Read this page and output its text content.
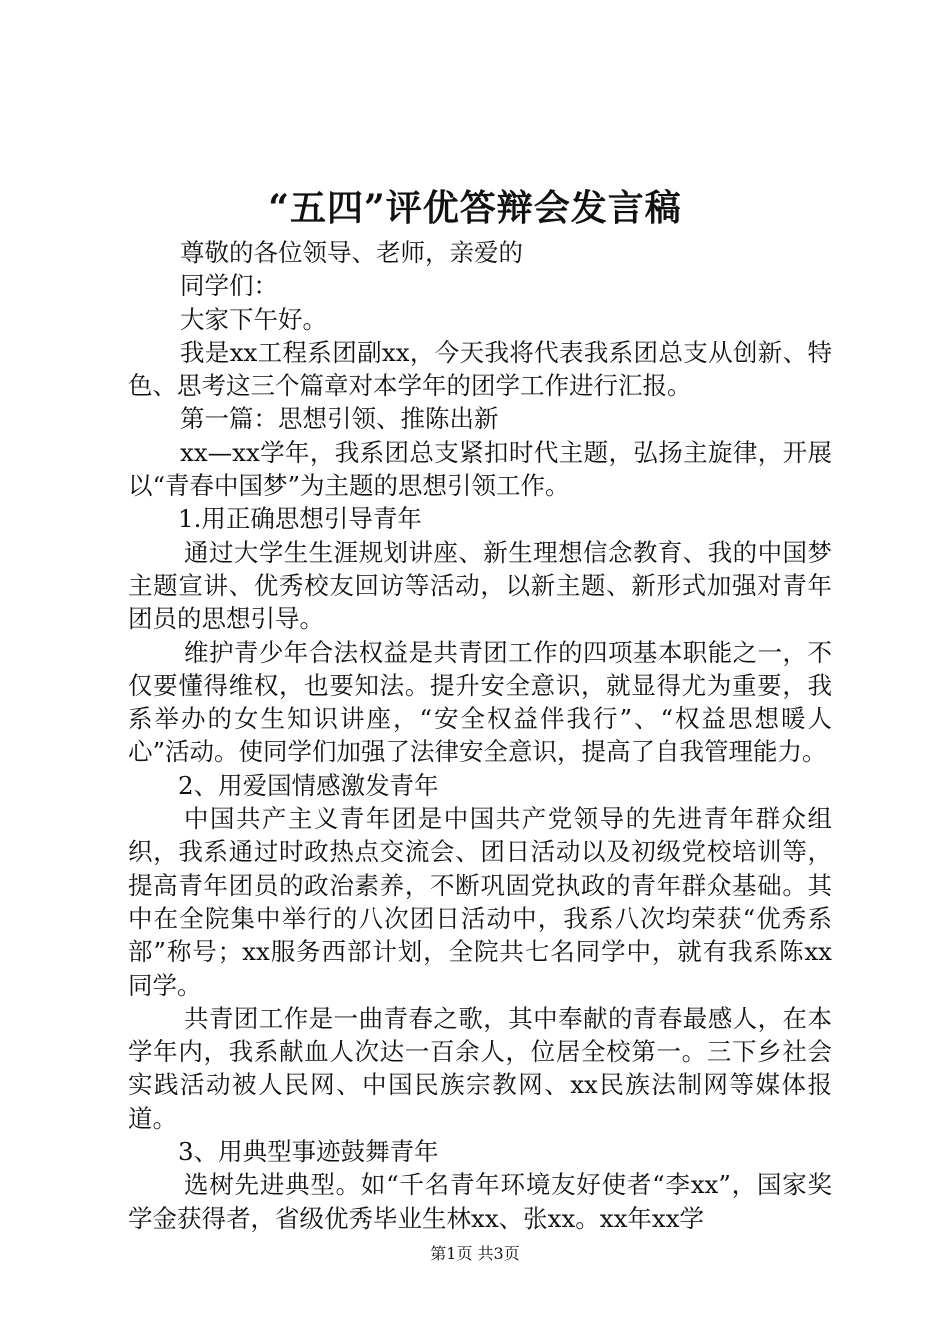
“五四”评优答辩会发言稿

尊敬的各位领导、老师，亲爱的

同学们：

大家下午好。

我是xx工程系团副xx，今天我将代表我系团总支从创新、特色、思考这三个篇章对本学年的团学工作进行汇报。

第一篇：思想引领、推陈出新

xx—xx学年，我系团总支紧扣时代主题，弘扬主旋律，开展以“青春中国梦”为主题的思想引领工作。

1.用正确思想引导青年

通过大学生生涯规划讲座、新生理想信念教育、我的中国梦主题宣讲、优秀校友回访等活动，以新主题、新形式加强对青年团员的思想引导。

维护青少年合法权益是共青团工作的四项基本职能之一，不仅要懂得维权，也要知法。提升安全意识，就显得尤为重要，我系举办的女生知识讲座，“安全权益伴我行”、“权益思想暖人心”活动。使同学们加强了法律安全意识，提高了自我管理能力。

2、用爱国情感激发青年

中国共产主义青年团是中国共产党领导的先进青年群众组织，我系通过时政热点交流会、团日活动以及初级党校培训等，提高青年团员的政治素养，不断巩固党执政的青年群众基础。其中在全院集中举行的八次团日活动中，我系八次均荣获“优秀系部”称号；xx服务西部计划，全院共七名同学中，就有我系陈xx同学。

共青团工作是一曲青春之歌，其中奉献的青春最感人，在本学年内，我系献血人次达一百余人，位居全校第一。三下乡社会实践活动被人民网、中国民族宗教网、xx民族法制网等媒体报道。

3、用典型事迹鼓舞青年

选树先进典型。如“千名青年环境友好使者“李xx”，国家奖学金获得者，省级优秀毕业生林xx、张xx。xx年xx学

第1页 共3页
